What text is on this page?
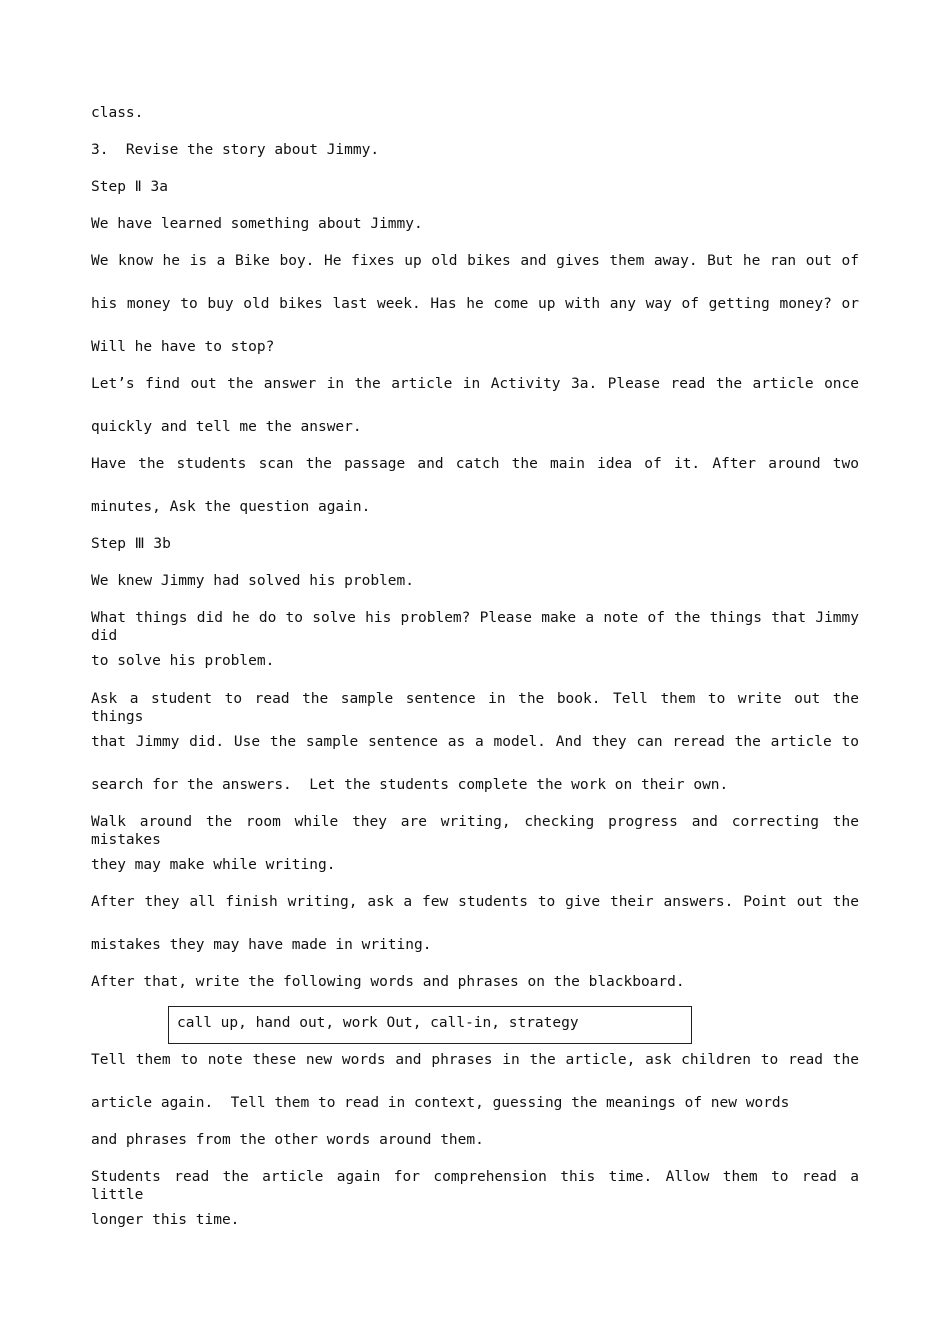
class.
3.  Revise the story about Jimmy.
Step Ⅱ 3a
We have learned something about Jimmy.
We know he is a Bike boy. He fixes up old bikes and gives them away. But he ran out of
his money to buy old bikes last week. Has he come up with any way of getting money? or
Will he have to stop?
Let’s find out the answer in the article in Activity 3a. Please read the article once
quickly and tell me the answer.
Have the students scan the passage and catch the main idea of it. After around two
minutes, Ask the question again.
Step Ⅲ 3b
We knew Jimmy had solved his problem.
What things did he do to solve his problem? Please make a note of the things that Jimmy did
to solve his problem.
Ask a student to read the sample sentence in the book. Tell them to write out the things
that Jimmy did. Use the sample sentence as a model. And they can reread the article to
search for the answers.  Let the students complete the work on their own.
Walk around the room while they are writing, checking progress and correcting the mistakes
they may make while writing.
After they all finish writing, ask a few students to give their answers. Point out the
mistakes they may have made in writing.
After that, write the following words and phrases on the blackboard.
call up, hand out, work Out, call-in, strategy
Tell them to note these new words and phrases in the article, ask children to read the
article again.  Tell them to read in context, guessing the meanings of new words
and phrases from the other words around them.
Students read the article again for comprehension this time. Allow them to read a little
longer this time.
